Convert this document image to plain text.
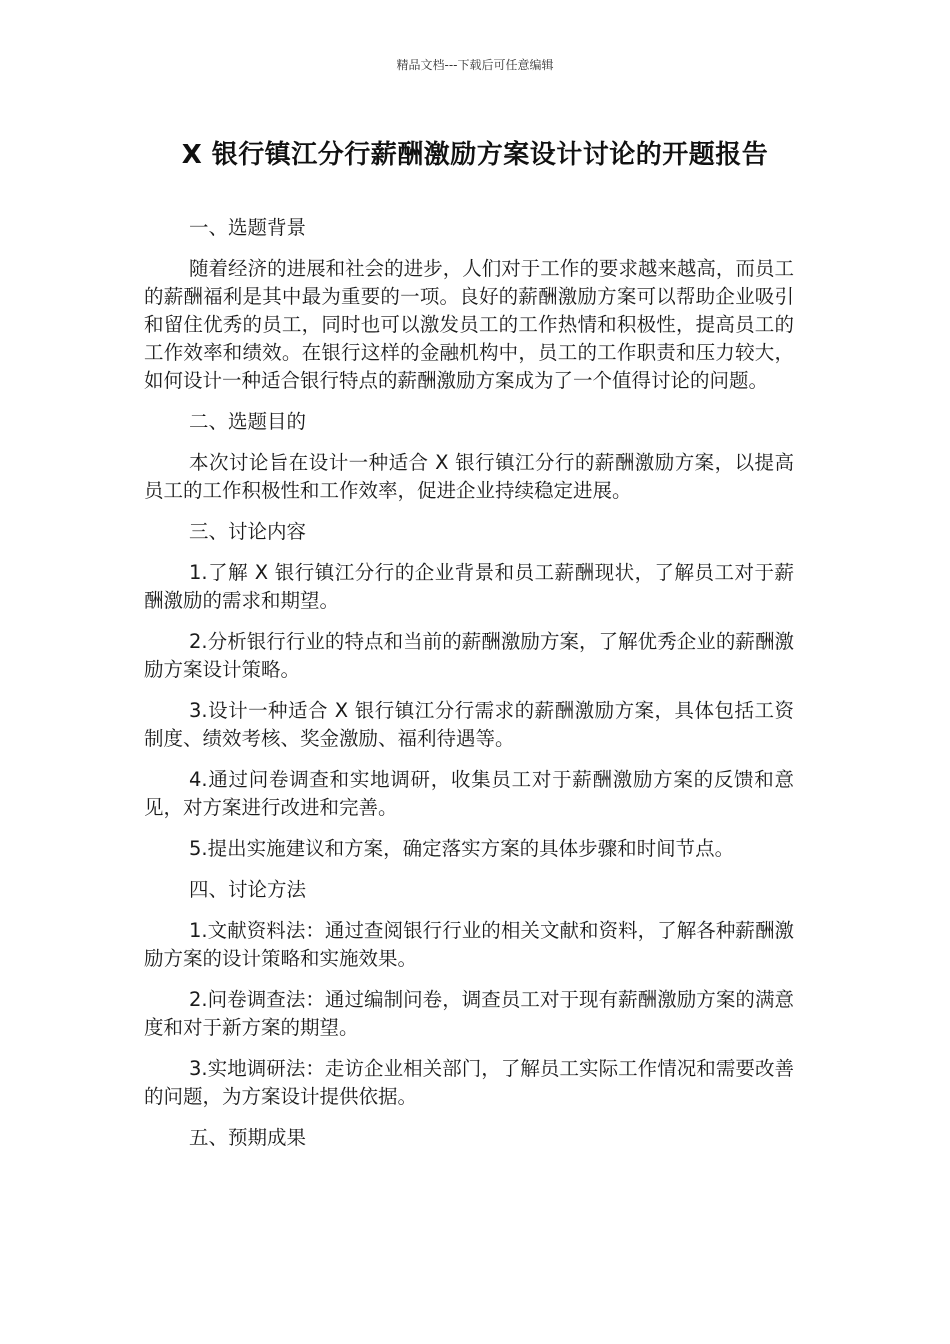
精品文档---下载后可任意编辑
X 银行镇江分行薪酬激励方案设计讨论的开题报告

一、选题背景

随着经济的进展和社会的进步，人们对于工作的要求越来越高，而员工的薪酬福利是其中最为重要的一项。良好的薪酬激励方案可以帮助企业吸引和留住优秀的员工，同时也可以激发员工的工作热情和积极性，提高员工的工作效率和绩效。在银行这样的金融机构中，员工的工作职责和压力较大，如何设计一种适合银行特点的薪酬激励方案成为了一个值得讨论的问题。

二、选题目的

本次讨论旨在设计一种适合 X 银行镇江分行的薪酬激励方案，以提高员工的工作积极性和工作效率，促进企业持续稳定进展。

三、讨论内容

1.了解 X 银行镇江分行的企业背景和员工薪酬现状，了解员工对于薪酬激励的需求和期望。

2.分析银行行业的特点和当前的薪酬激励方案，了解优秀企业的薪酬激励方案设计策略。

3.设计一种适合 X 银行镇江分行需求的薪酬激励方案，具体包括工资制度、绩效考核、奖金激励、福利待遇等。

4.通过问卷调查和实地调研，收集员工对于薪酬激励方案的反馈和意见，对方案进行改进和完善。

5.提出实施建议和方案，确定落实方案的具体步骤和时间节点。

四、讨论方法

1.文献资料法：通过查阅银行行业的相关文献和资料，了解各种薪酬激励方案的设计策略和实施效果。

2.问卷调查法：通过编制问卷，调查员工对于现有薪酬激励方案的满意度和对于新方案的期望。

3.实地调研法：走访企业相关部门，了解员工实际工作情况和需要改善的问题，为方案设计提供依据。

五、预期成果
